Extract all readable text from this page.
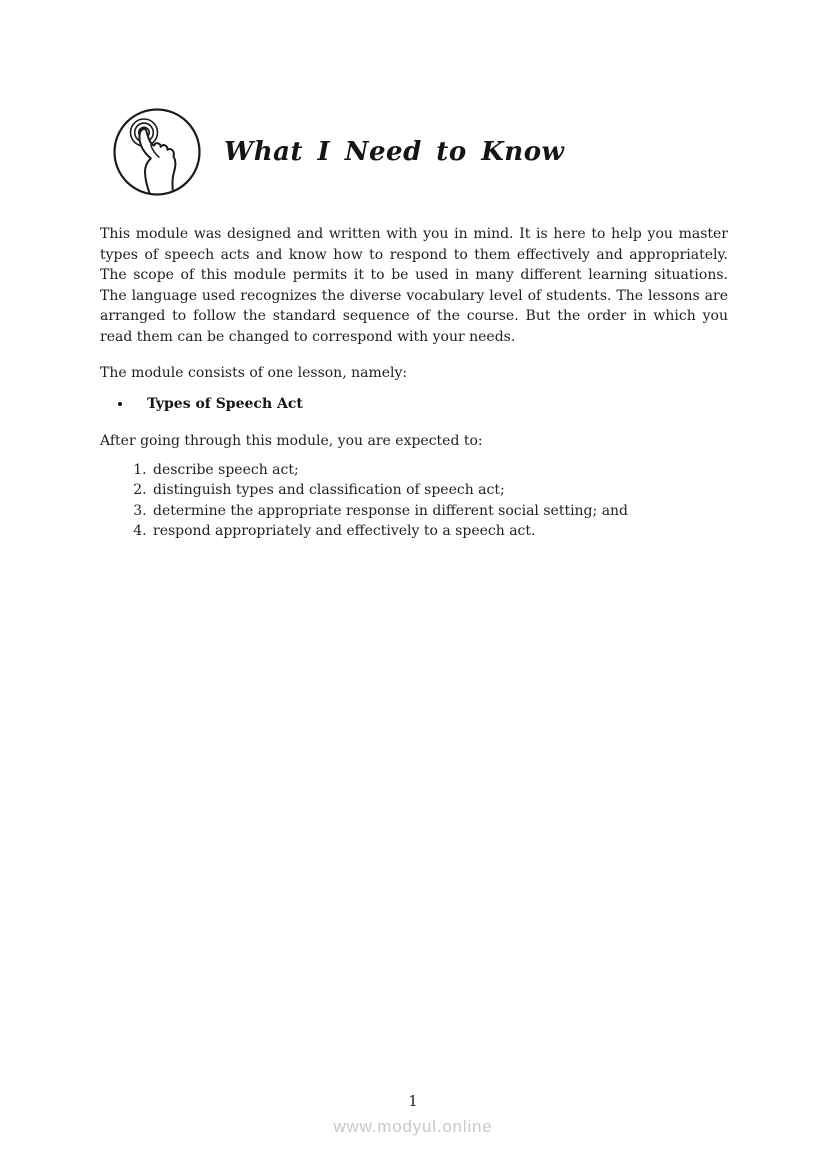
What I Need to Know

This module was designed and written with you in mind. It is here to help you master types of speech acts and know how to respond to them effectively and appropriately. The scope of this module permits it to be used in many different learning situations. The language used recognizes the diverse vocabulary level of students. The lessons are arranged to follow the standard sequence of the course. But the order in which you read them can be changed to correspond with your needs.

The module consists of one lesson, namely:

• Types of Speech Act

After going through this module, you are expected to:

1. describe speech act;
2. distinguish types and classification of speech act;
3. determine the appropriate response in different social setting; and
4. respond appropriately and effectively to a speech act.
1
www.modyul.online
